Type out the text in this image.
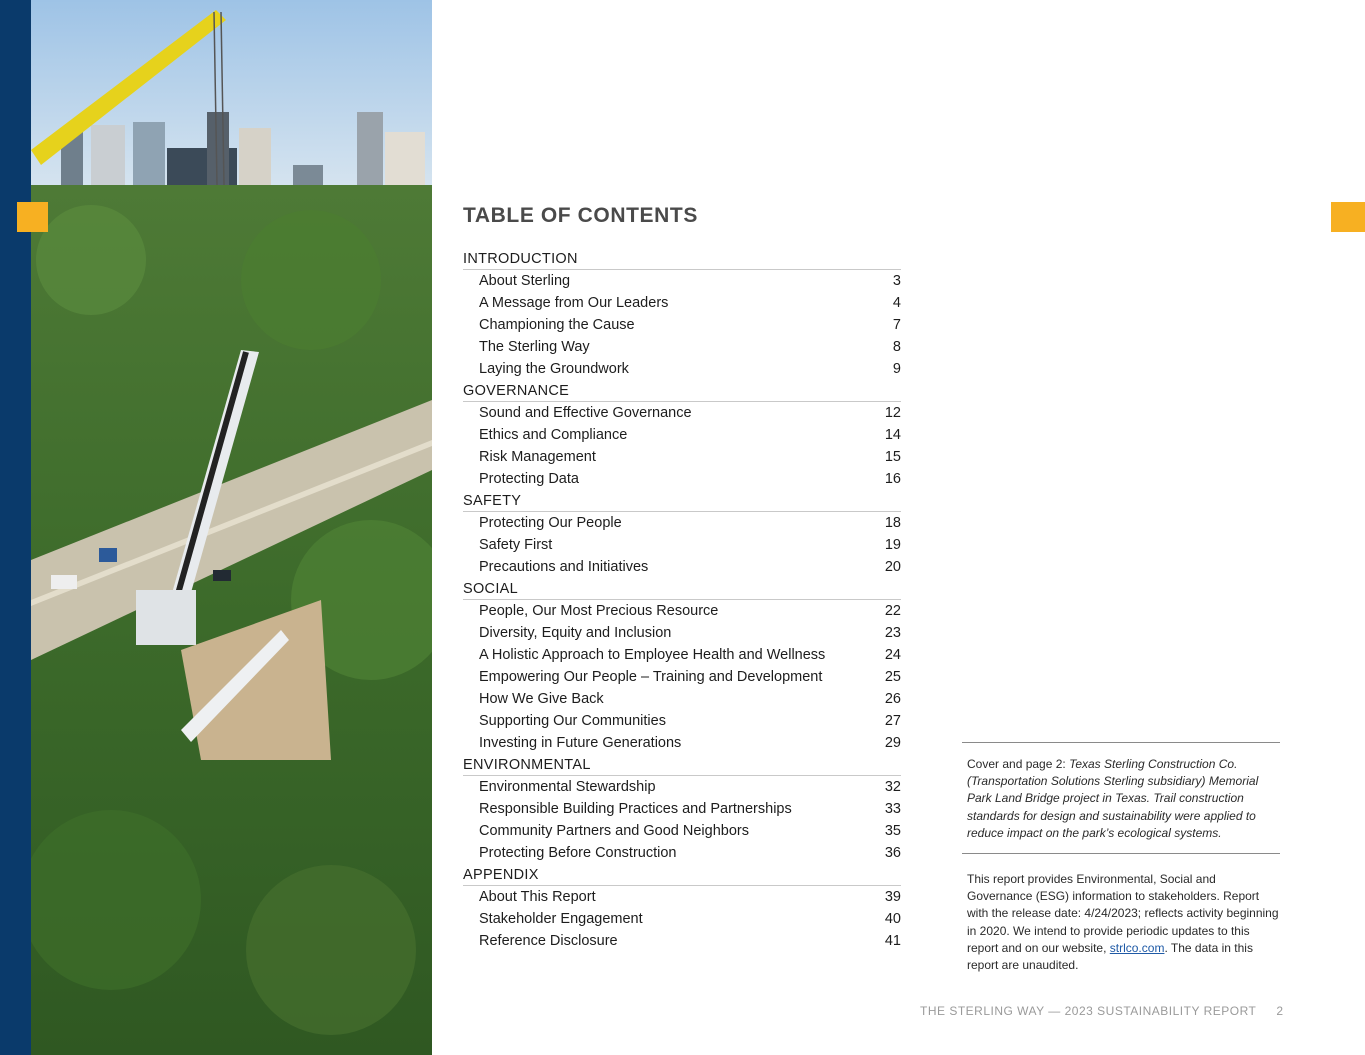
TABLE OF CONTENTS
INTRODUCTION
About Sterling	3
A Message from Our Leaders	4
Championing the Cause	7
The Sterling Way	8
Laying the Groundwork	9
GOVERNANCE
Sound and Effective Governance	12
Ethics and Compliance	14
Risk Management	15
Protecting Data	16
SAFETY
Protecting Our People	18
Safety First	19
Precautions and Initiatives	20
SOCIAL
People, Our Most Precious Resource	22
Diversity, Equity and Inclusion	23
A Holistic Approach to Employee Health and Wellness	24
Empowering Our People – Training and Development	25
How We Give Back	26
Supporting Our Communities	27
Investing in Future Generations	29
ENVIRONMENTAL
Environmental Stewardship	32
Responsible Building Practices and Partnerships	33
Community Partners and Good Neighbors	35
Protecting Before Construction	36
APPENDIX
About This Report	39
Stakeholder Engagement	40
Reference Disclosure	41
Cover and page 2: Texas Sterling Construction Co. (Transportation Solutions Sterling subsidiary) Memorial Park Land Bridge project in Texas. Trail construction standards for design and sustainability were applied to reduce impact on the park’s ecological systems.
This report provides Environmental, Social and Governance (ESG) information to stakeholders. Report with the release date: 4/24/2023; reflects activity beginning in 2020. We intend to provide periodic updates to this report and on our website, strlco.com. The data in this report are unaudited.
THE STERLING WAY — 2023 SUSTAINABILITY REPORT 2
